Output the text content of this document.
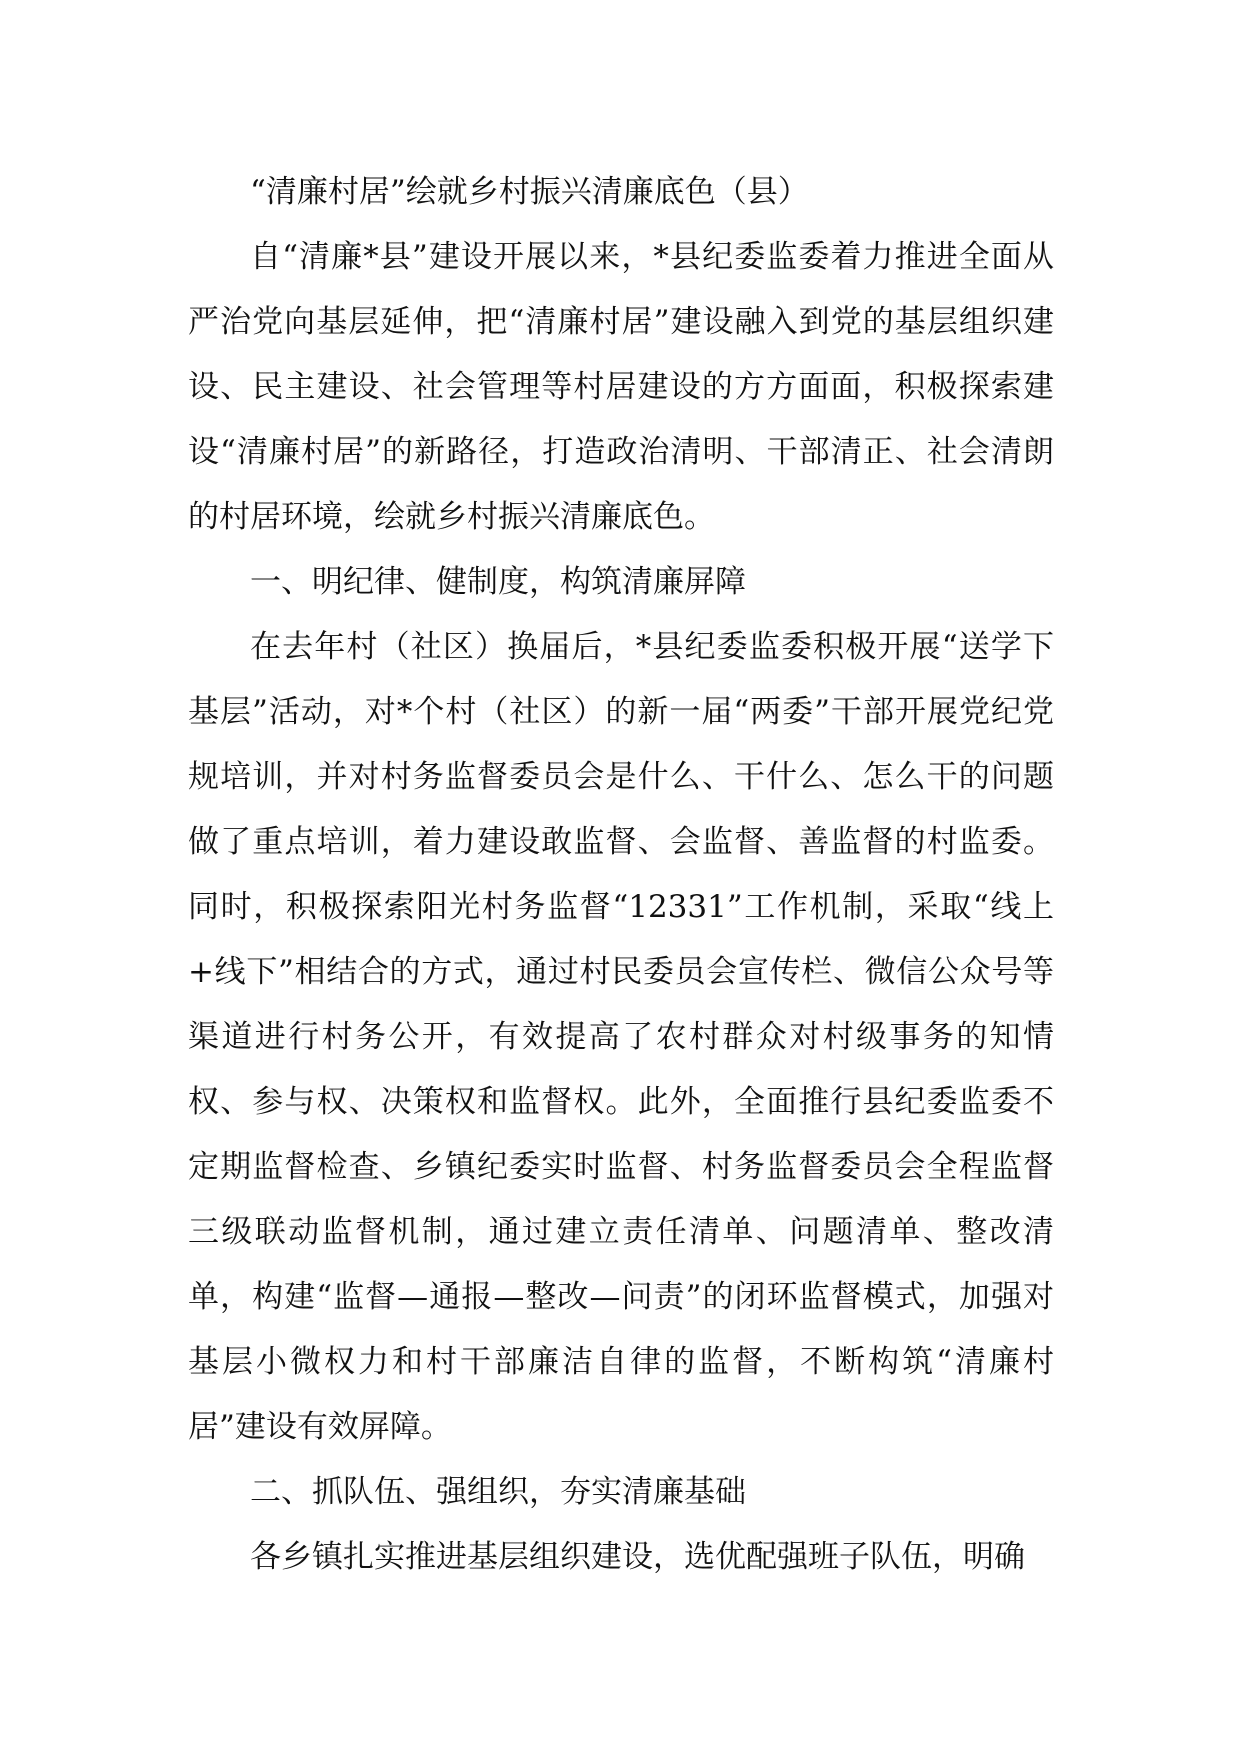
“清廉村居”绘就乡村振兴清廉底色（县）

自“清廉*县”建设开展以来，*县纪委监委着力推进全面从严治党向基层延伸，把“清廉村居”建设融入到党的基层组织建设、民主建设、社会管理等村居建设的方方面面，积极探索建设“清廉村居”的新路径，打造政治清明、干部清正、社会清朗的村居环境，绘就乡村振兴清廉底色。

一、明纪律、健制度，构筑清廉屏障

在去年村（社区）换届后，*县纪委监委积极开展“送学下基层”活动，对*个村（社区）的新一届“两委”干部开展党纪党规培训，并对村务监督委员会是什么、干什么、怎么干的问题做了重点培训，着力建设敢监督、会监督、善监督的村监委。同时，积极探索阳光村务监督“12331”工作机制，采取“线上+线下”相结合的方式，通过村民委员会宣传栏、微信公众号等渠道进行村务公开，有效提高了农村群众对村级事务的知情权、参与权、决策权和监督权。此外，全面推行县纪委监委不定期监督检查、乡镇纪委实时监督、村务监督委员会全程监督三级联动监督机制，通过建立责任清单、问题清单、整改清单，构建“监督—通报—整改—问责”的闭环监督模式，加强对基层小微权力和村干部廉洁自律的监督，不断构筑“清廉村居”建设有效屏障。

二、抓队伍、强组织，夯实清廉基础

各乡镇扎实推进基层组织建设，选优配强班子队伍，明确
